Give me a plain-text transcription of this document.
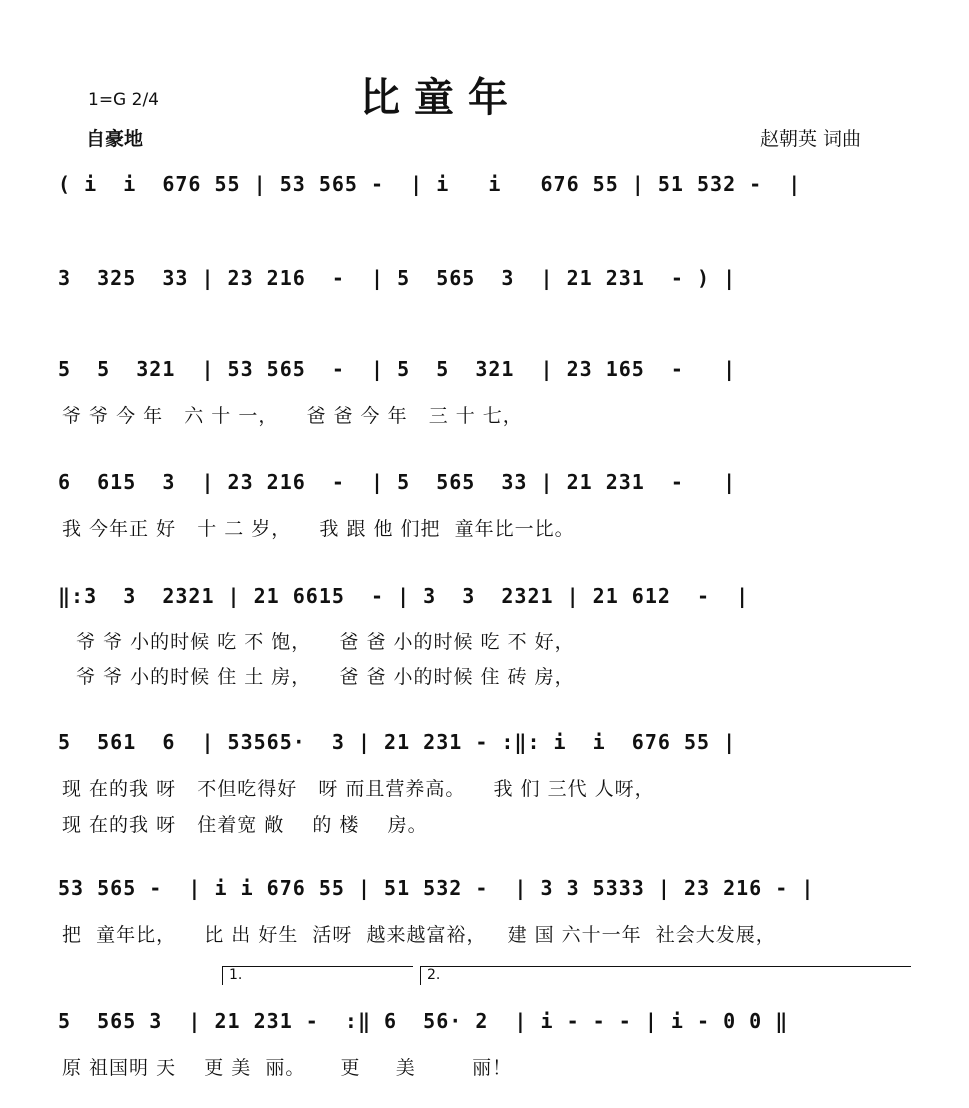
1=G 2/4
自豪地
比童年
赵朝英 词曲
( i  i  676 55 | 53 565 -  | i   i   676 55 | 51 532 -  |
3  325  33 | 23 216  -  | 5  565  3  | 21 231  - ) |
5  5  321  | 53 565  -  | 5  5  321  | 23 165  -   |
爷 爷 今 年   六 十 一，    爸 爸 今 年   三 十 七，
6  615  3  | 23 216  -  | 5  565  33 | 21 231  -   |
我 今年正 好   十 二 岁，    我 跟 他 们把  童年比一比。
‖:3  3  2321 | 21 6615  - | 3  3  2321 | 21 612  -  |
爷 爷 小的时候 吃 不 饱，    爸 爸 小的时候 吃 不 好，
爷 爷 小的时候 住 土 房，    爸 爸 小的时候 住 砖 房，
5  561  6  | 53565·  3 | 21 231 - :‖: i  i  676 55 |
现 在的我 呀   不但吃得好   呀 而且营养高。    我 们 三代 人呀，
现 在的我 呀   住着宽 敞    的 楼    房。
53 565 -  | i i 676 55 | 51 532 -  | 3 3 5333 | 23 216 - |
把  童年比，    比 出 好生  活呀  越来越富裕，   建 国 六十一年  社会大发展，
1.	2.
5  565 3  | 21 231 -  :‖ 6  56· 2  | i - - - | i - 0 0 ‖
原 祖国明 天    更 美  丽。     更     美        丽！
